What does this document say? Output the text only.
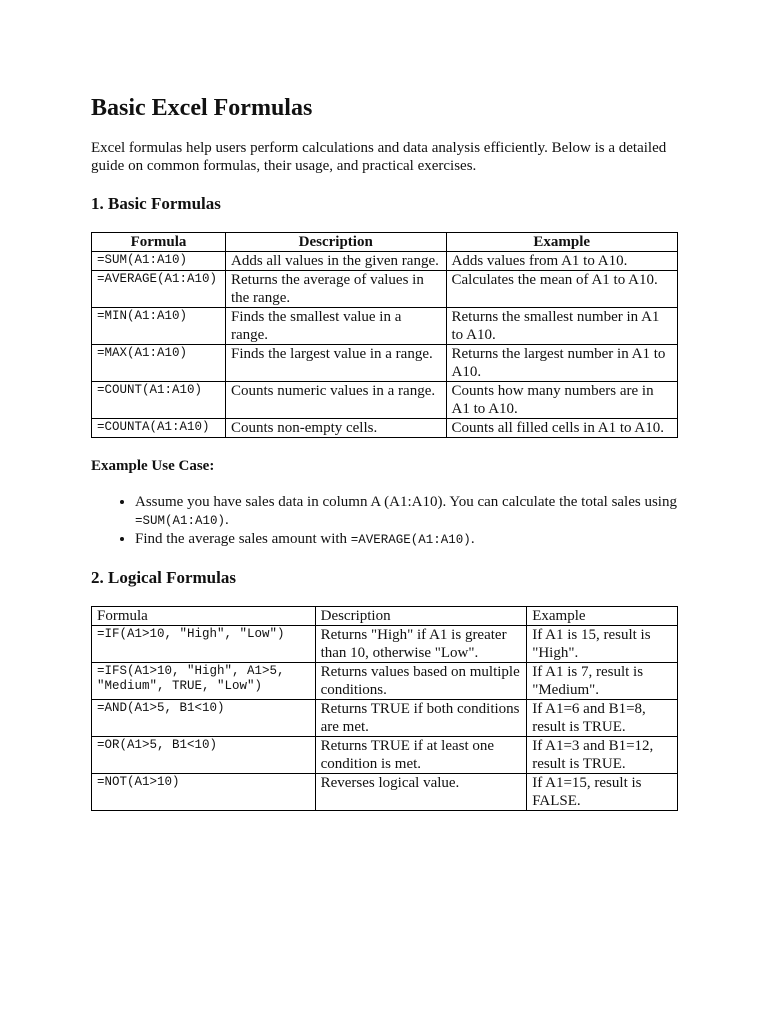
Basic Excel Formulas

Excel formulas help users perform calculations and data analysis efficiently. Below is a detailed guide on common formulas, their usage, and practical exercises.

1. Basic Formulas
Formula	Description	Example
=SUM(A1:A10)	Adds all values in the given range.	Adds values from A1 to A10.
=AVERAGE(A1:A10)	Returns the average of values in the range.	Calculates the mean of A1 to A10.
=MIN(A1:A10)	Finds the smallest value in a range.	Returns the smallest number in A1 to A10.
=MAX(A1:A10)	Finds the largest value in a range.	Returns the largest number in A1 to A10.
=COUNT(A1:A10)	Counts numeric values in a range.	Counts how many numbers are in A1 to A10.
=COUNTA(A1:A10)	Counts non-empty cells.	Counts all filled cells in A1 to A10.

Example Use Case:

• Assume you have sales data in column A (A1:A10). You can calculate the total sales using =SUM(A1:A10).
• Find the average sales amount with =AVERAGE(A1:A10).
2. Logical Formulas
Formula	Description	Example
=IF(A1>10, "High", "Low")	Returns "High" if A1 is greater than 10, otherwise "Low".	If A1 is 15, result is "High".
=IFS(A1>10, "High", A1>5, "Medium", TRUE, "Low")	Returns values based on multiple conditions.	If A1 is 7, result is "Medium".
=AND(A1>5, B1<10)	Returns TRUE if both conditions are met.	If A1=6 and B1=8, result is TRUE.
=OR(A1>5, B1<10)	Returns TRUE if at least one condition is met.	If A1=3 and B1=12, result is TRUE.
=NOT(A1>10)	Reverses logical value.	If A1=15, result is FALSE.
